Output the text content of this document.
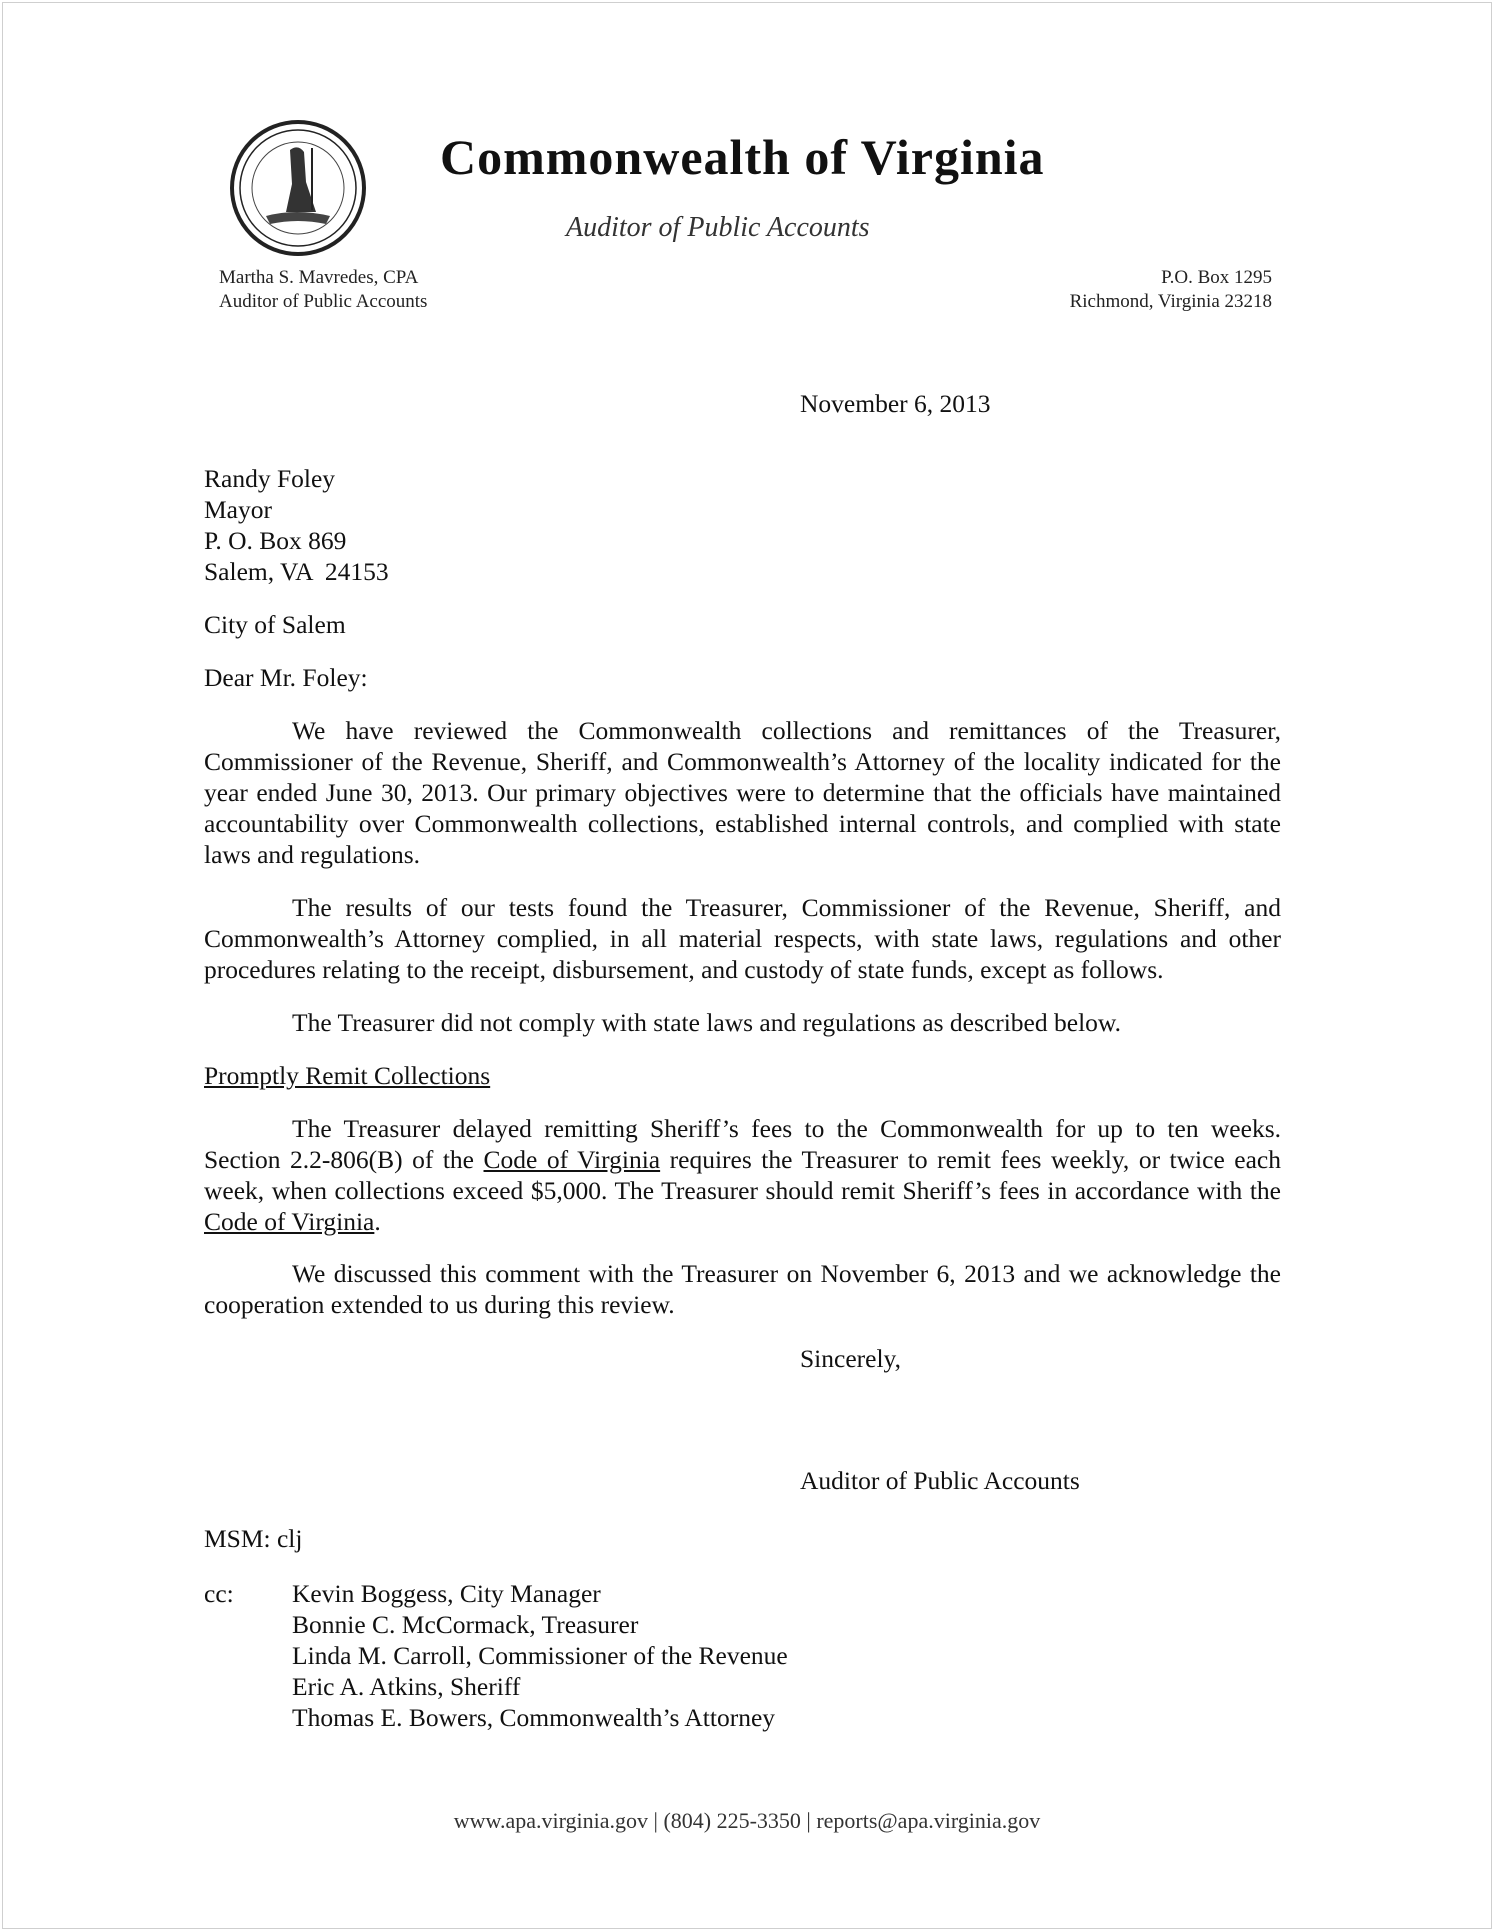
Commonwealth of Virginia
Auditor of Public Accounts
Martha S. Mavredes, CPA
Auditor of Public Accounts
P.O. Box 1295
Richmond, Virginia 23218
November 6, 2013
Randy Foley
Mayor
P. O. Box 869
Salem, VA  24153
City of Salem
Dear Mr. Foley:

We have reviewed the Commonwealth collections and remittances of the Treasurer, Commissioner of the Revenue, Sheriff, and Commonwealth’s Attorney of the locality indicated for the year ended June 30, 2013. Our primary objectives were to determine that the officials have maintained accountability over Commonwealth collections, established internal controls, and complied with state laws and regulations.

The results of our tests found the Treasurer, Commissioner of the Revenue, Sheriff, and Commonwealth’s Attorney complied, in all material respects, with state laws, regulations and other procedures relating to the receipt, disbursement, and custody of state funds, except as follows.

The Treasurer did not comply with state laws and regulations as described below.

Promptly Remit Collections

The Treasurer delayed remitting Sheriff’s fees to the Commonwealth for up to ten weeks. Section 2.2-806(B) of the Code of Virginia requires the Treasurer to remit fees weekly, or twice each week, when collections exceed $5,000. The Treasurer should remit Sheriff’s fees in accordance with the Code of Virginia.

We discussed this comment with the Treasurer on November 6, 2013 and we acknowledge the cooperation extended to us during this review.

Sincerely,
Auditor of Public Accounts
MSM: clj
cc: Kevin Boggess, City Manager
Bonnie C. McCormack, Treasurer
Linda M. Carroll, Commissioner of the Revenue
Eric A. Atkins, Sheriff
Thomas E. Bowers, Commonwealth’s Attorney
www.apa.virginia.gov | (804) 225-3350 | reports@apa.virginia.gov
